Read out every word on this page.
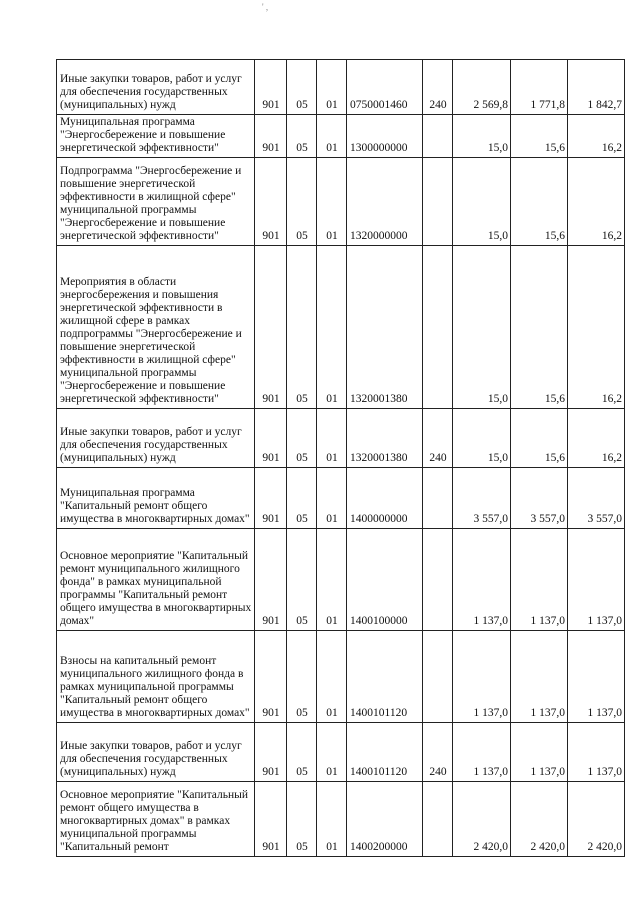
' ,
Иные закупки товаров, работ и услуг для обеспечения государственных (муниципальных) нужд	901	05	01	0750001460	240	2 569,8	1 771,8	1 842,7
Муниципальная программа "Энергосбережение и повышение энергетической эффективности"	901	05	01	1300000000		15,0	15,6	16,2
Подпрограмма "Энергосбережение и повышение энергетической эффективности в жилищной сфере" муниципальной программы "Энергосбережение и повышение энергетической эффективности"	901	05	01	1320000000		15,0	15,6	16,2
Мероприятия в области энергосбережения и повышения энергетической эффективности в жилищной сфере в рамках подпрограммы "Энергосбережение и повышение энергетической эффективности в жилищной сфере" муниципальной программы "Энергосбережение и повышение энергетической эффективности"	901	05	01	1320001380		15,0	15,6	16,2
Иные закупки товаров, работ и услуг для обеспечения государственных (муниципальных) нужд	901	05	01	1320001380	240	15,0	15,6	16,2
Муниципальная программа "Капитальный ремонт общего имущества в многоквартирных домах"	901	05	01	1400000000		3 557,0	3 557,0	3 557,0
Основное мероприятие "Капитальный ремонт муниципального жилищного фонда" в рамках муниципальной программы "Капитальный ремонт общего имущества в многоквартирных домах"	901	05	01	1400100000		1 137,0	1 137,0	1 137,0
Взносы на капитальный ремонт муниципального жилищного фонда в рамках муниципальной программы "Капитальный ремонт общего имущества в многоквартирных домах"	901	05	01	1400101120		1 137,0	1 137,0	1 137,0
Иные закупки товаров, работ и услуг для обеспечения государственных (муниципальных) нужд	901	05	01	1400101120	240	1 137,0	1 137,0	1 137,0
Основное мероприятие "Капитальный ремонт общего имущества в многоквартирных домах" в рамках муниципальной программы "Капитальный ремонт	901	05	01	1400200000		2 420,0	2 420,0	2 420,0
